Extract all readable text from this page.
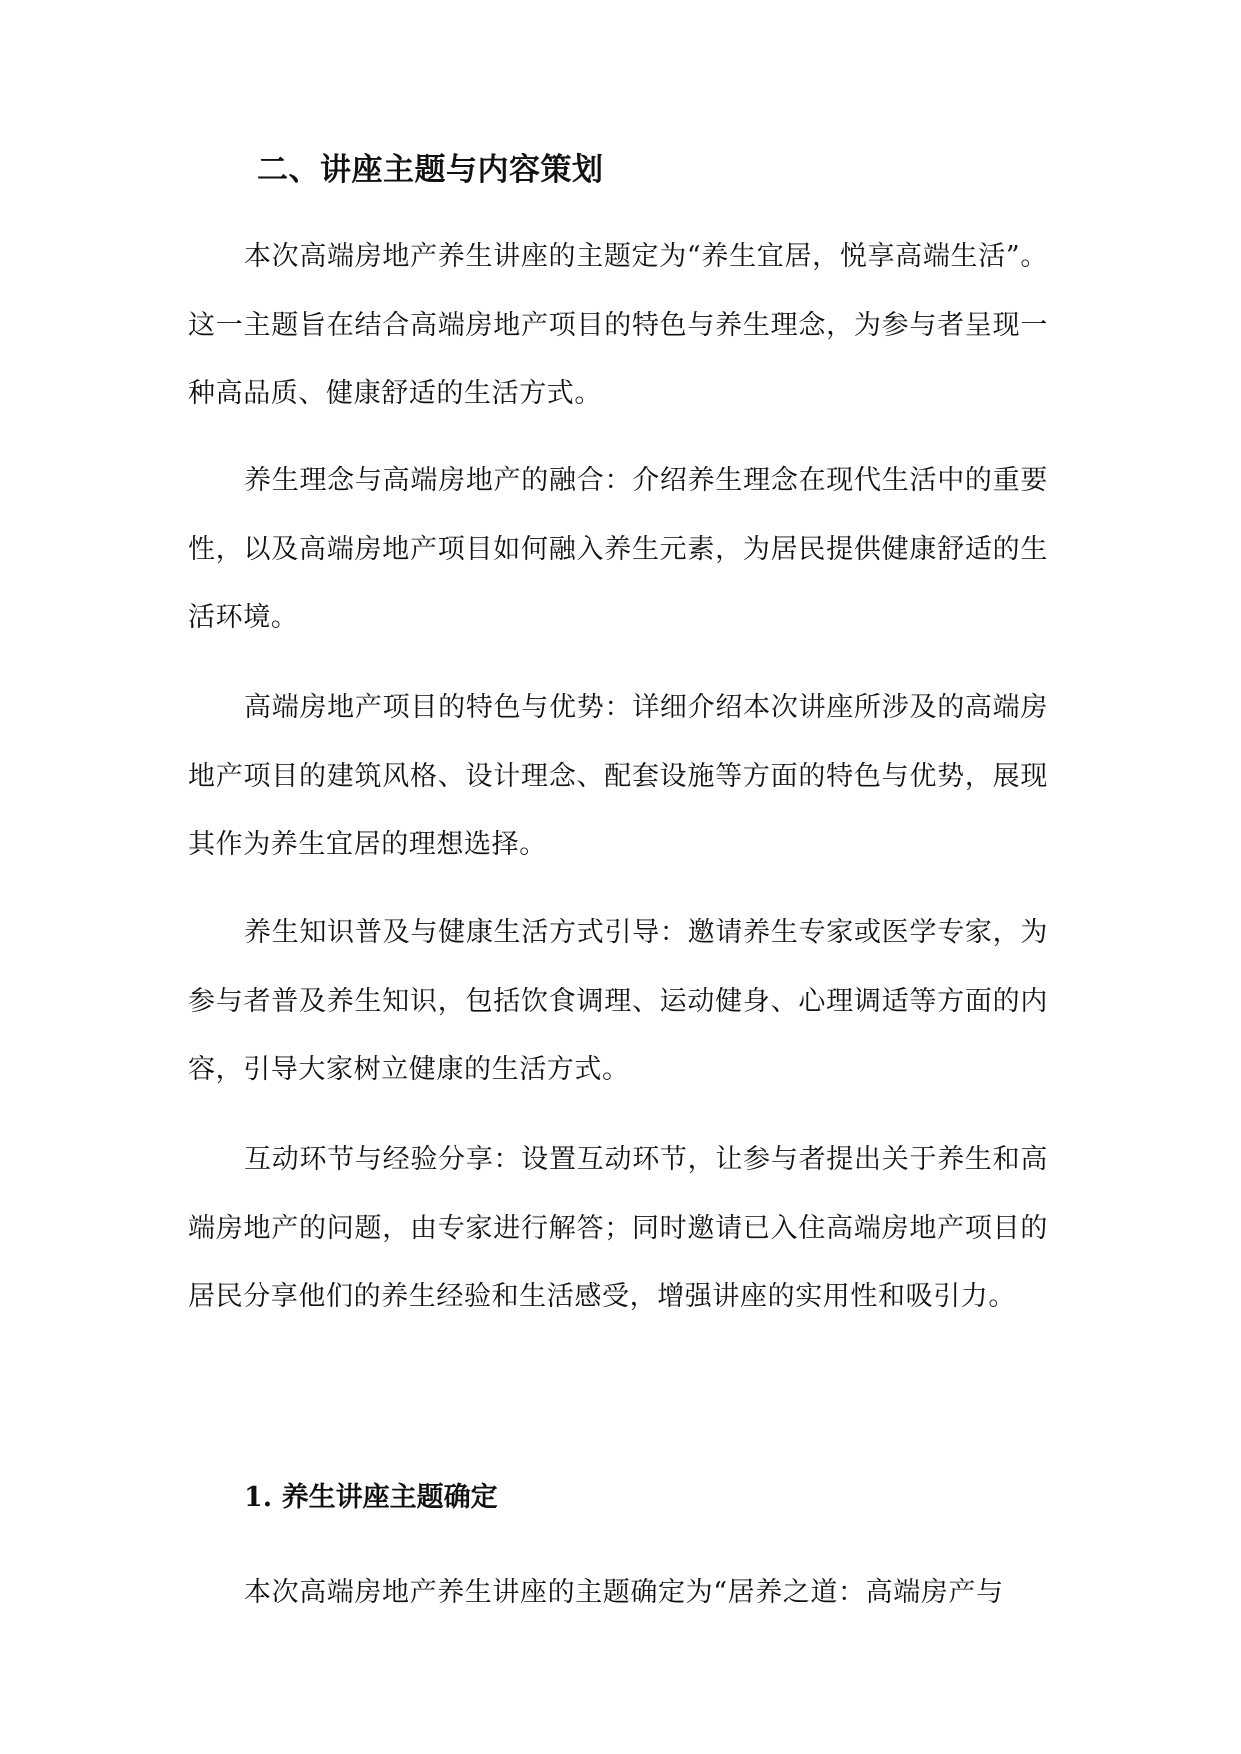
二、讲座主题与内容策划

本次高端房地产养生讲座的主题定为“养生宜居，悦享高端生活”。这一主题旨在结合高端房地产项目的特色与养生理念，为参与者呈现一种高品质、健康舒适的生活方式。

养生理念与高端房地产的融合：介绍养生理念在现代生活中的重要性，以及高端房地产项目如何融入养生元素，为居民提供健康舒适的生活环境。

高端房地产项目的特色与优势：详细介绍本次讲座所涉及的高端房地产项目的建筑风格、设计理念、配套设施等方面的特色与优势，展现其作为养生宜居的理想选择。

养生知识普及与健康生活方式引导：邀请养生专家或医学专家，为参与者普及养生知识，包括饮食调理、运动健身、心理调适等方面的内容，引导大家树立健康的生活方式。

互动环节与经验分享：设置互动环节，让参与者提出关于养生和高端房地产的问题，由专家进行解答；同时邀请已入住高端房地产项目的居民分享他们的养生经验和生活感受，增强讲座的实用性和吸引力。

1. 养生讲座主题确定

本次高端房地产养生讲座的主题确定为“居养之道：高端房产与
